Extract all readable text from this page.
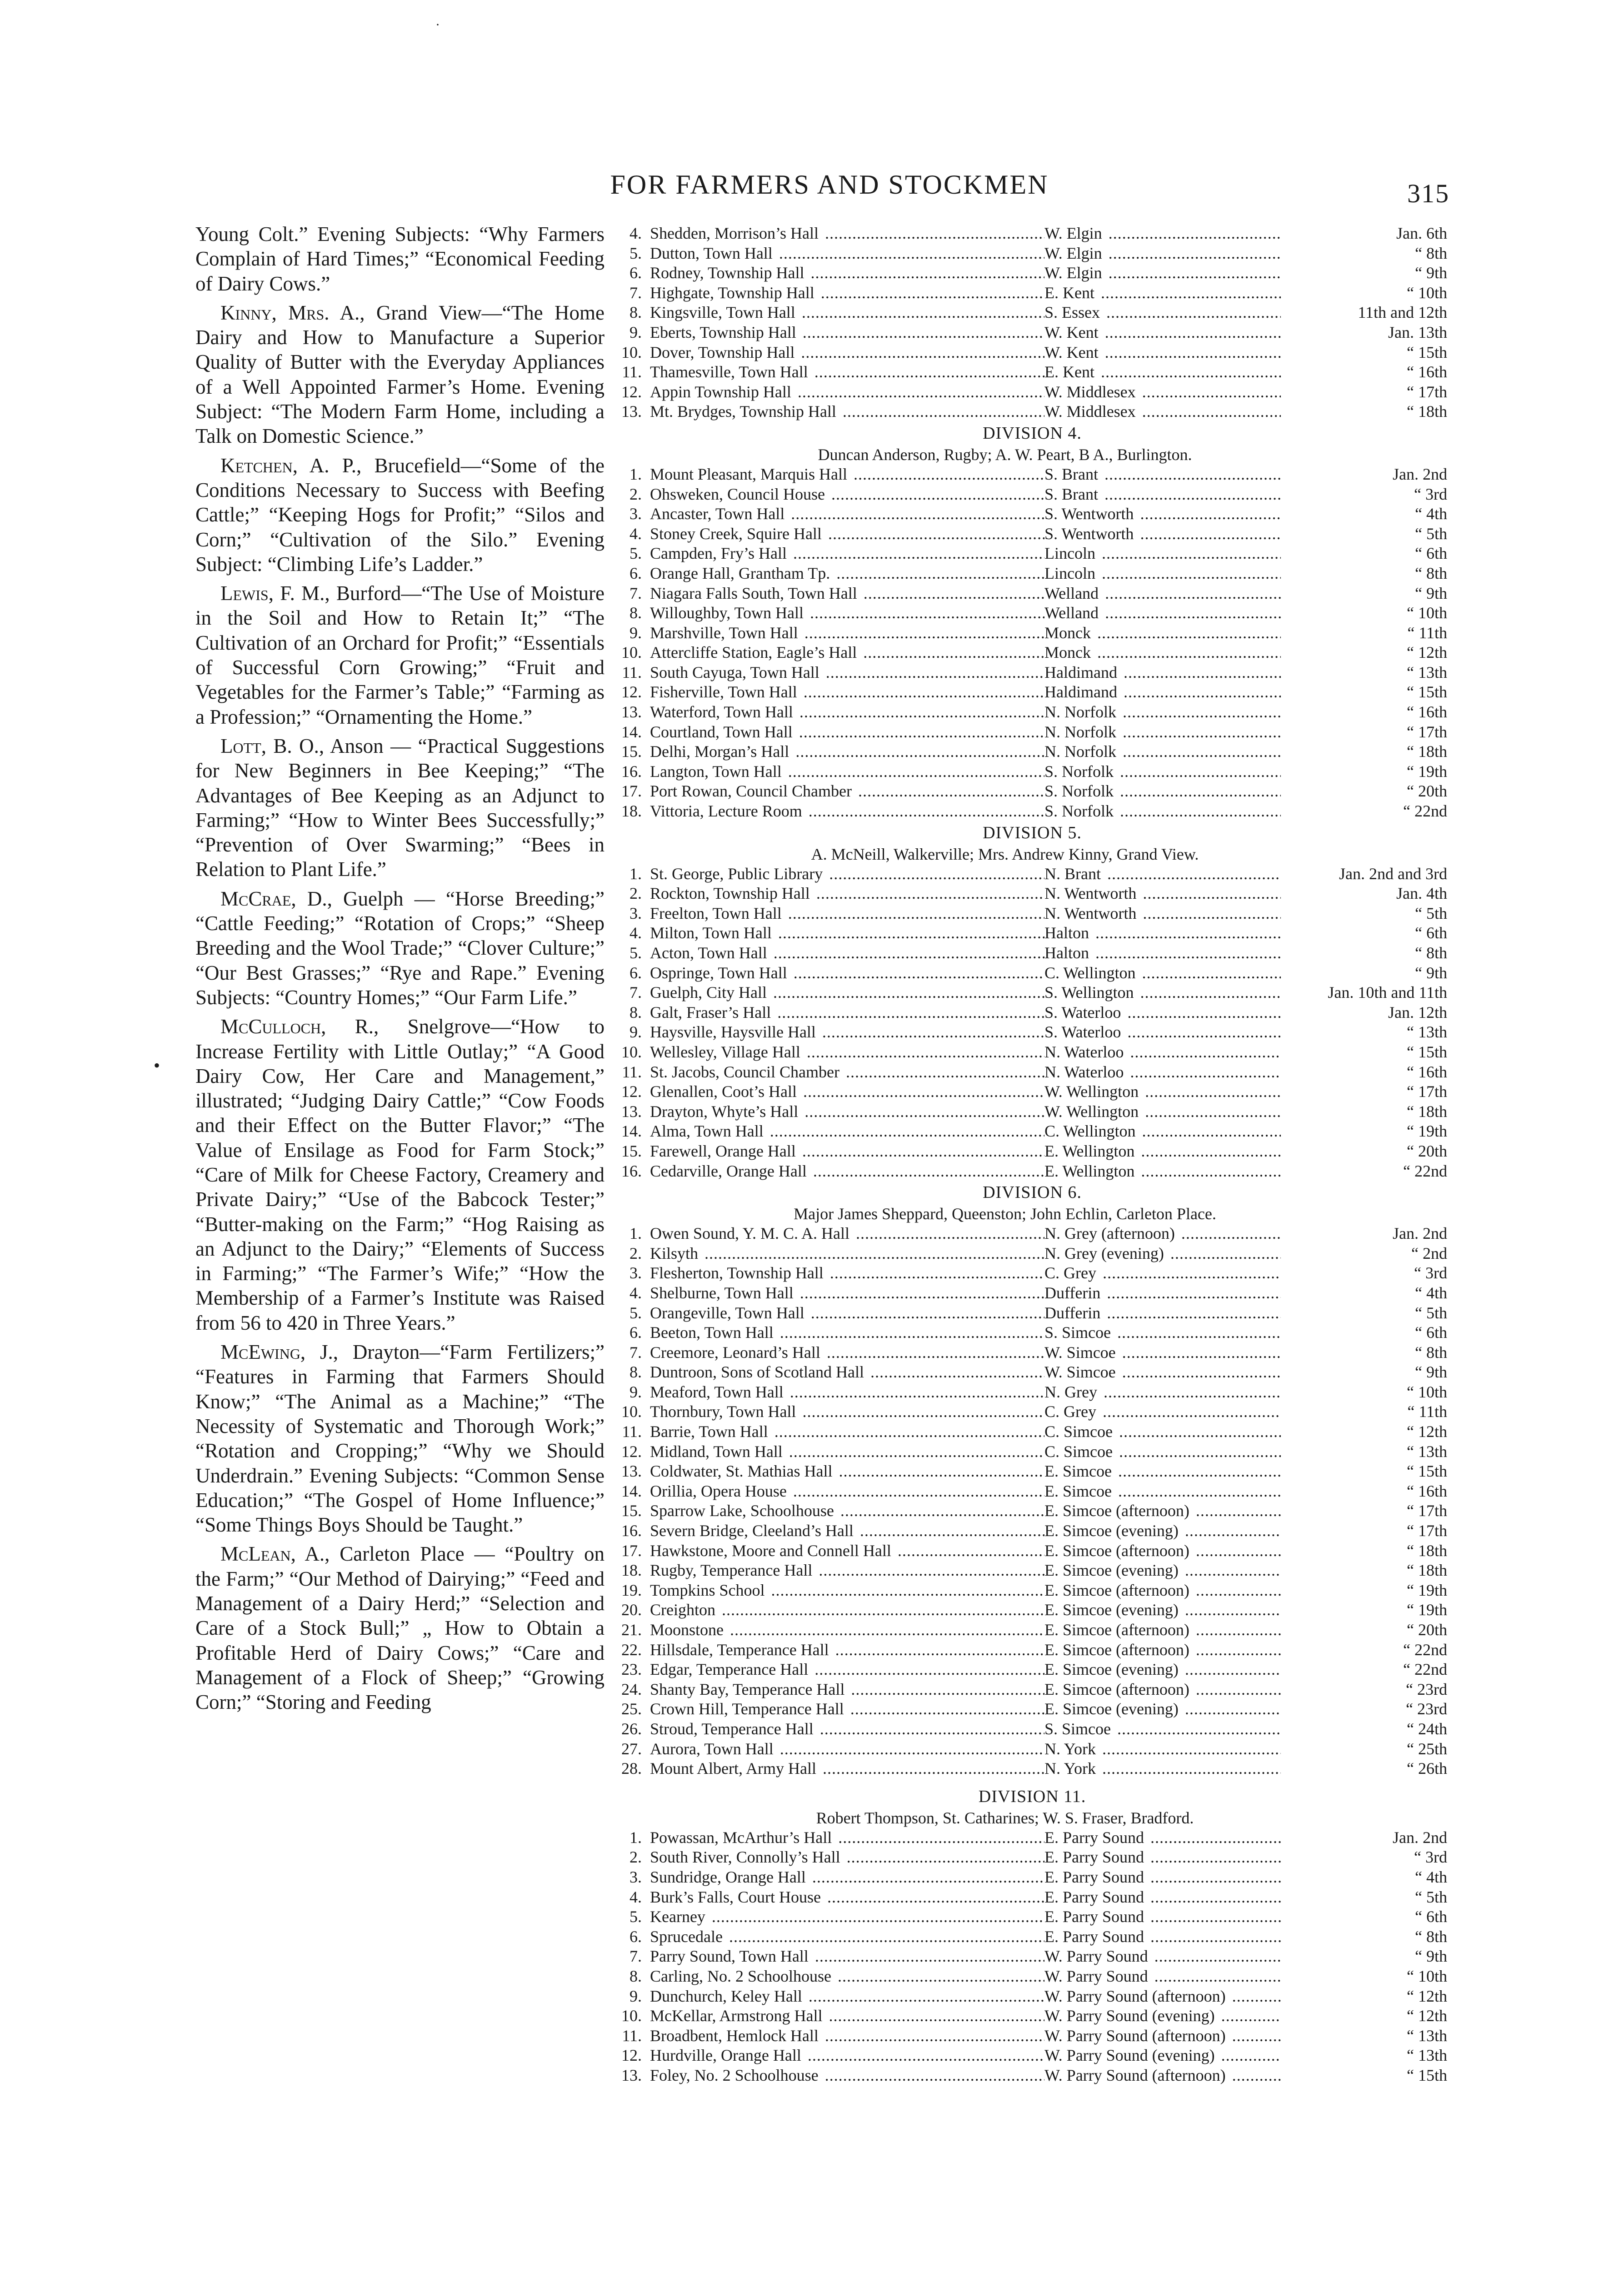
·
FOR FARMERS AND STOCKMEN	315
•

Young Colt.” Evening Subjects: “Why Farmers Complain of Hard Times;” “Economical Feeding of Dairy Cows.”

Kinny, Mrs. A., Grand View—“The Home Dairy and How to Manufacture a Superior Quality of Butter with the Everyday Appliances of a Well Appointed Farmer’s Home. Evening Subject: “The Modern Farm Home, including a Talk on Domestic Science.”

Ketchen, A. P., Brucefield—“Some of the Conditions Necessary to Success with Beefing Cattle;” “Keeping Hogs for Profit;” “Silos and Corn;” “Cultivation of the Silo.” Evening Subject: “Climbing Life’s Ladder.”

Lewis, F. M., Burford—“The Use of Moisture in the Soil and How to Retain It;” “The Cultivation of an Orchard for Profit;” “Essentials of Successful Corn Growing;” “Fruit and Vegetables for the Farmer’s Table;” “Farming as a Profession;” “Ornamenting the Home.”

Lott, B. O., Anson — “Practical Suggestions for New Beginners in Bee Keeping;” “The Advantages of Bee Keeping as an Adjunct to Farming;” “How to Winter Bees Successfully;” “Prevention of Over Swarming;” “Bees in Relation to Plant Life.”

McCrae, D., Guelph — “Horse Breeding;” “Cattle Feeding;” “Rotation of Crops;” “Sheep Breeding and the Wool Trade;” “Clover Culture;” “Our Best Grasses;” “Rye and Rape.” Evening Subjects: “Country Homes;” “Our Farm Life.”

McCulloch, R., Snelgrove—“How to Increase Fertility with Little Outlay;” “A Good Dairy Cow, Her Care and Management,” illustrated; “Judging Dairy Cattle;” “Cow Foods and their Effect on the Butter Flavor;” “The Value of Ensilage as Food for Farm Stock;” “Care of Milk for Cheese Factory, Creamery and Private Dairy;” “Use of the Babcock Tester;” “Butter-making on the Farm;” “Hog Raising as an Adjunct to the Dairy;” “Elements of Success in Farming;” “The Farmer’s Wife;” “How the Membership of a Farmer’s Institute was Raised from 56 to 420 in Three Years.”

McEwing, J., Drayton—“Farm Fertilizers;” “Features in Farming that Farmers Should Know;” “The Animal as a Machine;” “The Necessity of Systematic and Thorough Work;” “Rotation and Cropping;” “Why we Should Underdrain.” Evening Subjects: “Common Sense Education;” “The Gospel of Home Influence;” “Some Things Boys Should be Taught.”

McLean, A., Carleton Place — “Poultry on the Farm;” “Our Method of Dairying;” “Feed and Management of a Dairy Herd;” “Selection and Care of a Stock Bull;” „ How to Obtain a Profitable Herd of Dairy Cows;” “Care and Management of a Flock of Sheep;” “Growing Corn;” “Storing and Feeding

4. Shedden, Morrison’s Hall .....	W. Elgin .....	Jan. 6th
5. Dutton, Town Hall .....	W. Elgin .....	“ 8th
6. Rodney, Township Hall .....	W. Elgin .....	“ 9th
7. Highgate, Township Hall .....	E. Kent .....	“ 10th
8. Kingsville, Town Hall .....	S. Essex .....	11th and 12th
9. Eberts, Township Hall .....	W. Kent .....	Jan. 13th
10. Dover, Township Hall .....	W. Kent .....	“ 15th
11. Thamesville, Town Hall .....	E. Kent .....	“ 16th
12. Appin Township Hall .....	W. Middlesex .....	“ 17th
13. Mt. Brydges, Township Hall .....	W. Middlesex .....	“ 18th
DIVISION 4.
Duncan Anderson, Rugby; A. W. Peart, B A., Burlington.
1. Mount Pleasant, Marquis Hall .....	S. Brant .....	Jan. 2nd
2. Ohsweken, Council House .....	S. Brant .....	“ 3rd
3. Ancaster, Town Hall .....	S. Wentworth .....	“ 4th
4. Stoney Creek, Squire Hall .....	S. Wentworth .....	“ 5th
5. Campden, Fry’s Hall .....	Lincoln .....	“ 6th
6. Orange Hall, Grantham Tp. .....	Lincoln .....	“ 8th
7. Niagara Falls South, Town Hall .....	Welland .....	“ 9th
8. Willoughby, Town Hall .....	Welland .....	“ 10th
9. Marshville, Town Hall .....	Monck .....	“ 11th
10. Attercliffe Station, Eagle’s Hall .....	Monck .....	“ 12th
11. South Cayuga, Town Hall .....	Haldimand .....	“ 13th
12. Fisherville, Town Hall .....	Haldimand .....	“ 15th
13. Waterford, Town Hall .....	N. Norfolk .....	“ 16th
14. Courtland, Town Hall .....	N. Norfolk .....	“ 17th
15. Delhi, Morgan’s Hall .....	N. Norfolk .....	“ 18th
16. Langton, Town Hall .....	S. Norfolk .....	“ 19th
17. Port Rowan, Council Chamber .....	S. Norfolk .....	“ 20th
18. Vittoria, Lecture Room .....	S. Norfolk .....	“ 22nd
DIVISION 5.
A. McNeill, Walkerville; Mrs. Andrew Kinny, Grand View.
1. St. George, Public Library .....	N. Brant .....	Jan. 2nd and 3rd
2. Rockton, Township Hall .....	N. Wentworth .....	Jan. 4th
3. Freelton, Town Hall .....	N. Wentworth .....	“ 5th
4. Milton, Town Hall .....	Halton .....	“ 6th
5. Acton, Town Hall .....	Halton .....	“ 8th
6. Ospringe, Town Hall .....	C. Wellington .....	“ 9th
7. Guelph, City Hall .....	S. Wellington .....	Jan. 10th and 11th
8. Galt, Fraser’s Hall .....	S. Waterloo .....	Jan. 12th
9. Haysville, Haysville Hall .....	S. Waterloo .....	“ 13th
10. Wellesley, Village Hall .....	N. Waterloo .....	“ 15th
11. St. Jacobs, Council Chamber .....	N. Waterloo .....	“ 16th
12. Glenallen, Coot’s Hall .....	W. Wellington .....	“ 17th
13. Drayton, Whyte’s Hall .....	W. Wellington .....	“ 18th
14. Alma, Town Hall .....	C. Wellington .....	“ 19th
15. Farewell, Orange Hall .....	E. Wellington .....	“ 20th
16. Cedarville, Orange Hall .....	E. Wellington .....	“ 22nd
DIVISION 6.
Major James Sheppard, Queenston; John Echlin, Carleton Place.
1. Owen Sound, Y. M. C. A. Hall .....	N. Grey (afternoon) .....	Jan. 2nd
2. Kilsyth .....	N. Grey (evening) .....	“ 2nd
3. Flesherton, Township Hall .....	C. Grey .....	“ 3rd
4. Shelburne, Town Hall .....	Dufferin .....	“ 4th
5. Orangeville, Town Hall .....	Dufferin .....	“ 5th
6. Beeton, Town Hall .....	S. Simcoe .....	“ 6th
7. Creemore, Leonard’s Hall .....	W. Simcoe .....	“ 8th
8. Duntroon, Sons of Scotland Hall .....	W. Simcoe .....	“ 9th
9. Meaford, Town Hall .....	N. Grey .....	“ 10th
10. Thornbury, Town Hall .....	C. Grey .....	“ 11th
11. Barrie, Town Hall .....	C. Simcoe .....	“ 12th
12. Midland, Town Hall .....	C. Simcoe .....	“ 13th
13. Coldwater, St. Mathias Hall .....	E. Simcoe .....	“ 15th
14. Orillia, Opera House .....	E. Simcoe .....	“ 16th
15. Sparrow Lake, Schoolhouse .....	E. Simcoe (afternoon) .....	“ 17th
16. Severn Bridge, Cleeland’s Hall .....	E. Simcoe (evening) .....	“ 17th
17. Hawkstone, Moore and Connell Hall .....	E. Simcoe (afternoon) .....	“ 18th
18. Rugby, Temperance Hall .....	E. Simcoe (evening) .....	“ 18th
19. Tompkins School .....	E. Simcoe (afternoon) .....	“ 19th
20. Creighton .....	E. Simcoe (evening) .....	“ 19th
21. Moonstone .....	E. Simcoe (afternoon) .....	“ 20th
22. Hillsdale, Temperance Hall .....	E. Simcoe (afternoon) .....	“ 22nd
23. Edgar, Temperance Hall .....	E. Simcoe (evening) .....	“ 22nd
24. Shanty Bay, Temperance Hall .....	E. Simcoe (afternoon) .....	“ 23rd
25. Crown Hill, Temperance Hall .....	E. Simcoe (evening) .....	“ 23rd
26. Stroud, Temperance Hall .....	S. Simcoe .....	“ 24th
27. Aurora, Town Hall .....	N. York .....	“ 25th
28. Mount Albert, Army Hall .....	N. York .....	“ 26th
DIVISION 11.
Robert Thompson, St. Catharines; W. S. Fraser, Bradford.
1. Powassan, McArthur’s Hall .....	E. Parry Sound .....	Jan. 2nd
2. South River, Connolly’s Hall .....	E. Parry Sound .....	“ 3rd
3. Sundridge, Orange Hall .....	E. Parry Sound .....	“ 4th
4. Burk’s Falls, Court House .....	E. Parry Sound .....	“ 5th
5. Kearney .....	E. Parry Sound .....	“ 6th
6. Sprucedale .....	E. Parry Sound .....	“ 8th
7. Parry Sound, Town Hall .....	W. Parry Sound .....	“ 9th
8. Carling, No. 2 Schoolhouse .....	W. Parry Sound .....	“ 10th
9. Dunchurch, Keley Hall .....	W. Parry Sound (afternoon) .....	“ 12th
10. McKellar, Armstrong Hall .....	W. Parry Sound (evening) .....	“ 12th
11. Broadbent, Hemlock Hall .....	W. Parry Sound (afternoon) .....	“ 13th
12. Hurdville, Orange Hall .....	W. Parry Sound (evening) .....	“ 13th
13. Foley, No. 2 Schoolhouse .....	W. Parry Sound (afternoon) .....	“ 15th
